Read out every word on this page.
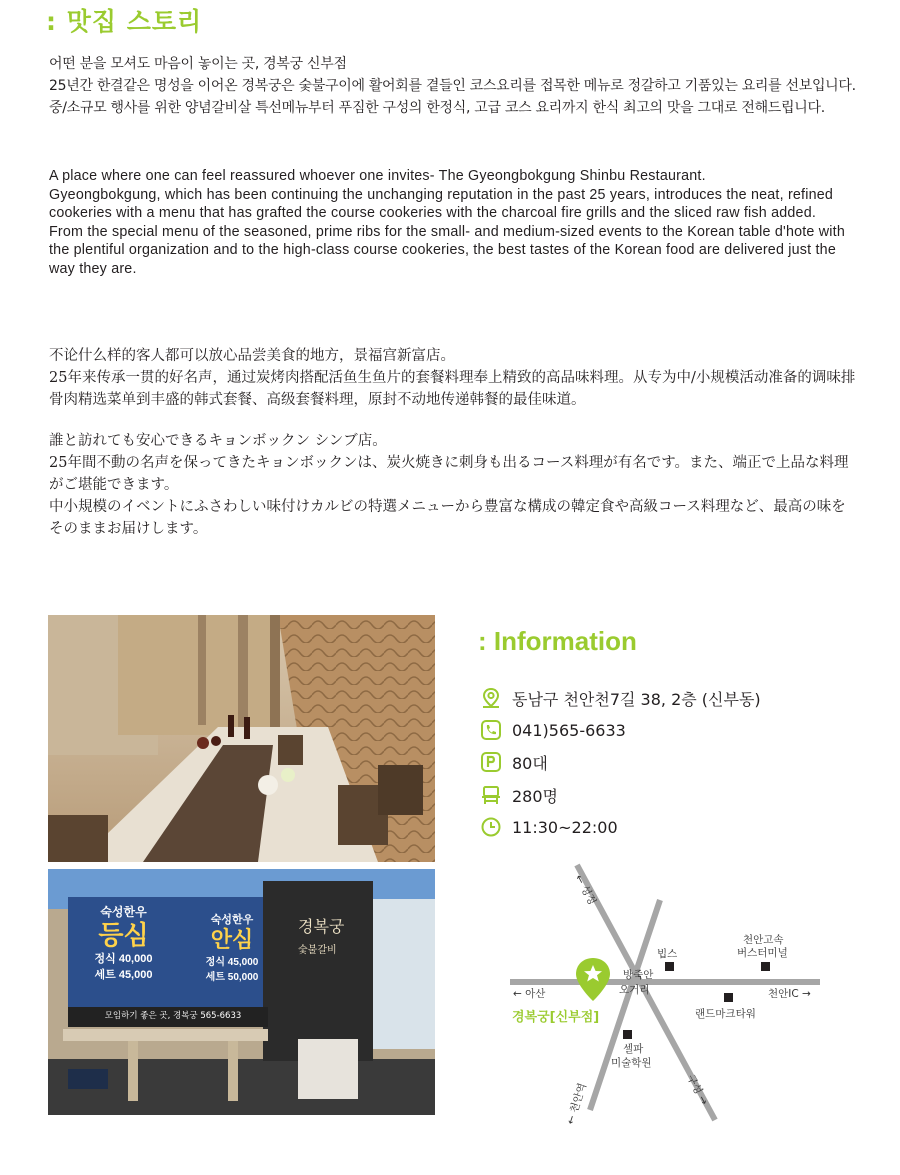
: 맛집 스토리

어떤 분을 모셔도 마음이 놓이는 곳, 경복궁 신부점

25년간 한결같은 명성을 이어온 경복궁은 숯불구이에 활어회를 곁들인 코스요리를 접목한 메뉴로 정갈하고 기품있는 요리를 선보입니다. 중/소규모 행사를 위한 양념갈비살 특선메뉴부터 푸짐한 구성의 한정식, 고급 코스 요리까지 한식 최고의 맛을 그대로 전해드립니다.

A place where one can feel reassured whoever one invites- The Gyeongbokgung Shinbu Restaurant.

Gyeongbokgung, which has been continuing the unchanging reputation in the past 25 years, introduces the neat, refined cookeries with a menu that has grafted the course cookeries with the charcoal fire grills and the sliced raw fish added.

From the special menu of the seasoned, prime ribs for the small- and medium-sized events to the Korean table d'hote with the plentiful organization and to the high-class course cookeries, the best tastes of the Korean food are delivered just the way they are.

不论什么样的客人都可以放心品尝美食的地方，景福宫新富店。

25年来传承一贯的好名声，通过炭烤肉搭配活鱼生鱼片的套餐料理奉上精致的高品味料理。从专为中/小规模活动准备的调味排骨肉精选菜单到丰盛的韩式套餐、高级套餐料理，原封不动地传递韩餐的最佳味道。

誰と訪れても安心できるキョンボックン シンブ店。

25年間不動の名声を保ってきたキョンボックンは、炭火焼きに刺身も出るコース料理が有名です。また、端正で上品な料理がご堪能できます。

中小規模のイベントにふさわしい味付けカルビの特選メニューから豊富な構成の韓定食や高級コース料理など、最高の味をそのままお届けします。

숙성한우
등심
정식 40,000
세트 45,000
숙성한우
안심
정식 45,000
세트 50,000
모임하기 좋은 곳, 경복궁 565-6633
경복궁
숯불갈비
: Information
동남구 천안천7길 38, 2층 (신부동)
041)565-6633
80대
280명
11:30~22:00
← 성정
← 아산	천안IC →
← 천안역	구성 →
빕스
천안고속
버스터미널
방죽안
오거리
랜드마크타워
셀파
미술학원
경복궁[신부점]
